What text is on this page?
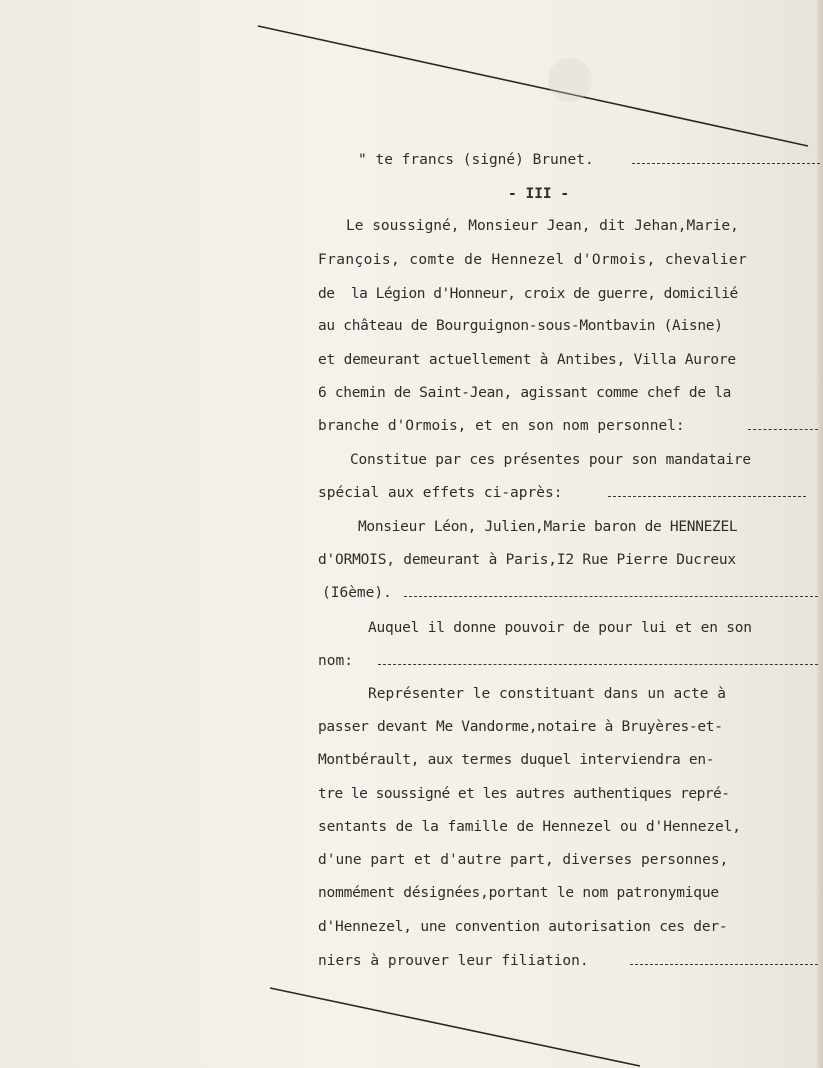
" te francs (signé) Brunet.
- III -
Le soussigné, Monsieur Jean, dit Jehan,Marie,
François, comte de Hennezel d'Ormois, chevalier
de  la Légion d'Honneur, croix de guerre, domicilié
au château de Bourguignon-sous-Montbavin (Aisne)
et demeurant actuellement à Antibes, Villa Aurore
6 chemin de Saint-Jean, agissant comme chef de la
branche d'Ormois, et en son nom personnel:
Constitue par ces présentes pour son mandataire
spécial aux effets ci-après:
Monsieur Léon, Julien,Marie baron de HENNEZEL
d'ORMOIS, demeurant à Paris,I2 Rue Pierre Ducreux
(I6ème).
Auquel il donne pouvoir de pour lui et en son
nom:
Représenter le constituant dans un acte à
passer devant Me Vandorme,notaire à Bruyères-et-
Montbérault, aux termes duquel interviendra en-
tre le soussigné et les autres authentiques repré-
sentants de la famille de Hennezel ou d'Hennezel,
d'une part et d'autre part, diverses personnes,
nommément désignées,portant le nom patronymique
d'Hennezel, une convention autorisation ces der-
niers à prouver leur filiation.
